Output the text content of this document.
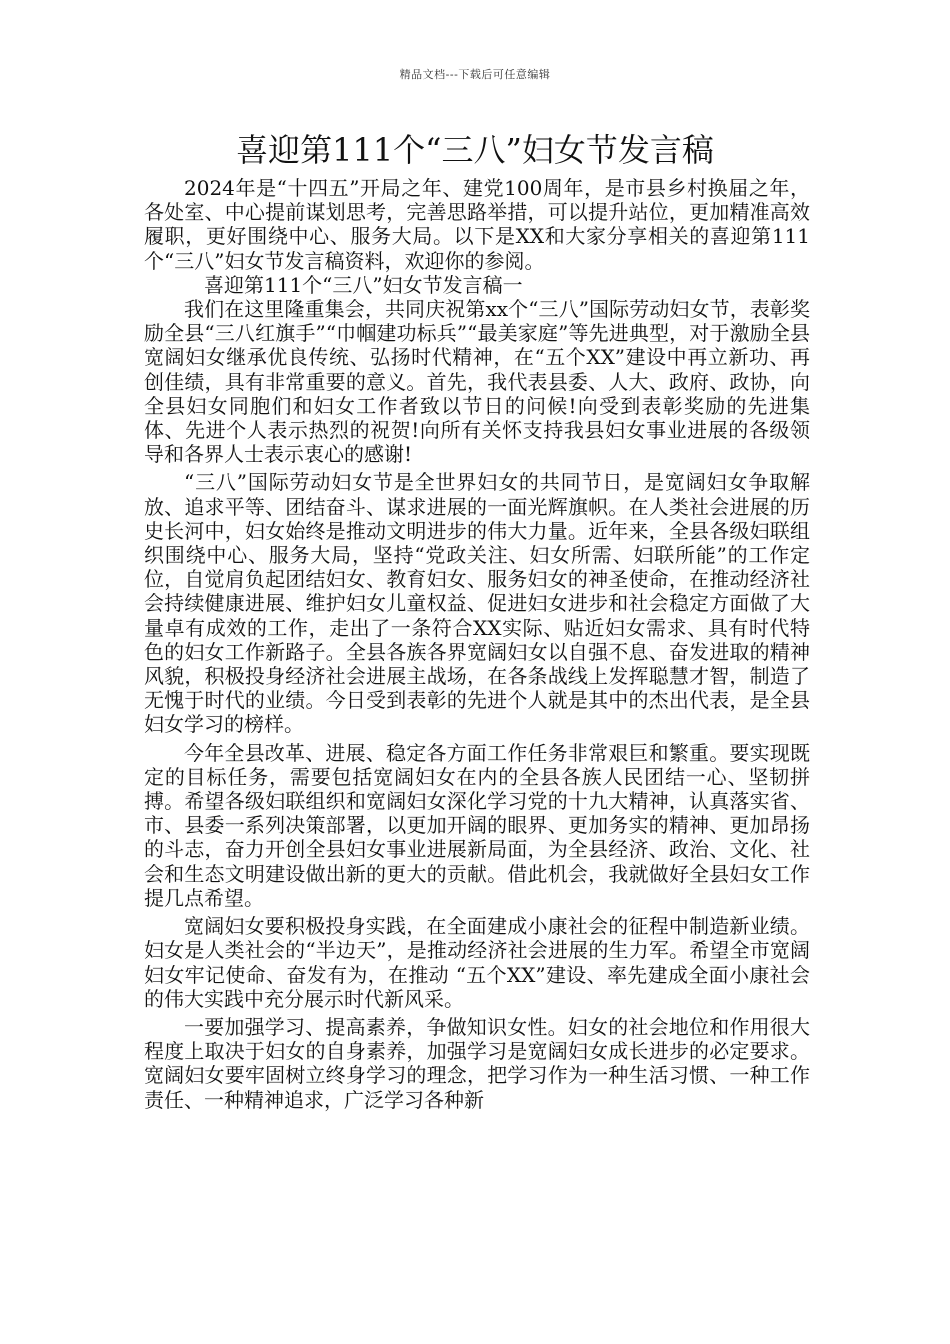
精品文档---下载后可任意编辑
喜迎第111个“三八”妇女节发言稿

2024年是“十四五”开局之年、建党100周年，是市县乡村换届之年，各处室、中心提前谋划思考，完善思路举措，可以提升站位，更加精准高效履职，更好围绕中心、服务大局。以下是XX和大家分享相关的喜迎第111个“三八”妇女节发言稿资料，欢迎你的参阅。

喜迎第111个“三八”妇女节发言稿一

我们在这里隆重集会，共同庆祝第xx个“三八”国际劳动妇女节，表彰奖励全县“三八红旗手”“巾帼建功标兵”“最美家庭”等先进典型，对于激励全县宽阔妇女继承优良传统、弘扬时代精神，在“五个XX”建设中再立新功、再创佳绩，具有非常重要的意义。首先，我代表县委、人大、政府、政协，向全县妇女同胞们和妇女工作者致以节日的问候!向受到表彰奖励的先进集体、先进个人表示热烈的祝贺!向所有关怀支持我县妇女事业进展的各级领导和各界人士表示衷心的感谢!

“三八”国际劳动妇女节是全世界妇女的共同节日，是宽阔妇女争取解放、追求平等、团结奋斗、谋求进展的一面光辉旗帜。在人类社会进展的历史长河中，妇女始终是推动文明进步的伟大力量。近年来，全县各级妇联组织围绕中心、服务大局，坚持“党政关注、妇女所需、妇联所能”的工作定位，自觉肩负起团结妇女、教育妇女、服务妇女的神圣使命，在推动经济社会持续健康进展、维护妇女儿童权益、促进妇女进步和社会稳定方面做了大量卓有成效的工作，走出了一条符合XX实际、贴近妇女需求、具有时代特色的妇女工作新路子。全县各族各界宽阔妇女以自强不息、奋发进取的精神风貌，积极投身经济社会进展主战场，在各条战线上发挥聪慧才智，制造了无愧于时代的业绩。今日受到表彰的先进个人就是其中的杰出代表，是全县妇女学习的榜样。

今年全县改革、进展、稳定各方面工作任务非常艰巨和繁重。要实现既定的目标任务，需要包括宽阔妇女在内的全县各族人民团结一心、坚韧拼搏。希望各级妇联组织和宽阔妇女深化学习党的十九大精神，认真落实省、市、县委一系列决策部署，以更加开阔的眼界、更加务实的精神、更加昂扬的斗志，奋力开创全县妇女事业进展新局面，为全县经济、政治、文化、社会和生态文明建设做出新的更大的贡献。借此机会，我就做好全县妇女工作提几点希望。

宽阔妇女要积极投身实践，在全面建成小康社会的征程中制造新业绩。妇女是人类社会的“半边天”，是推动经济社会进展的生力军。希望全市宽阔妇女牢记使命、奋发有为，在推动 “五个XX”建设、率先建成全面小康社会的伟大实践中充分展示时代新风采。

一要加强学习、提高素养，争做知识女性。妇女的社会地位和作用很大程度上取决于妇女的自身素养，加强学习是宽阔妇女成长进步的必定要求。宽阔妇女要牢固树立终身学习的理念，把学习作为一种生活习惯、一种工作责任、一种精神追求，广泛学习各种新
